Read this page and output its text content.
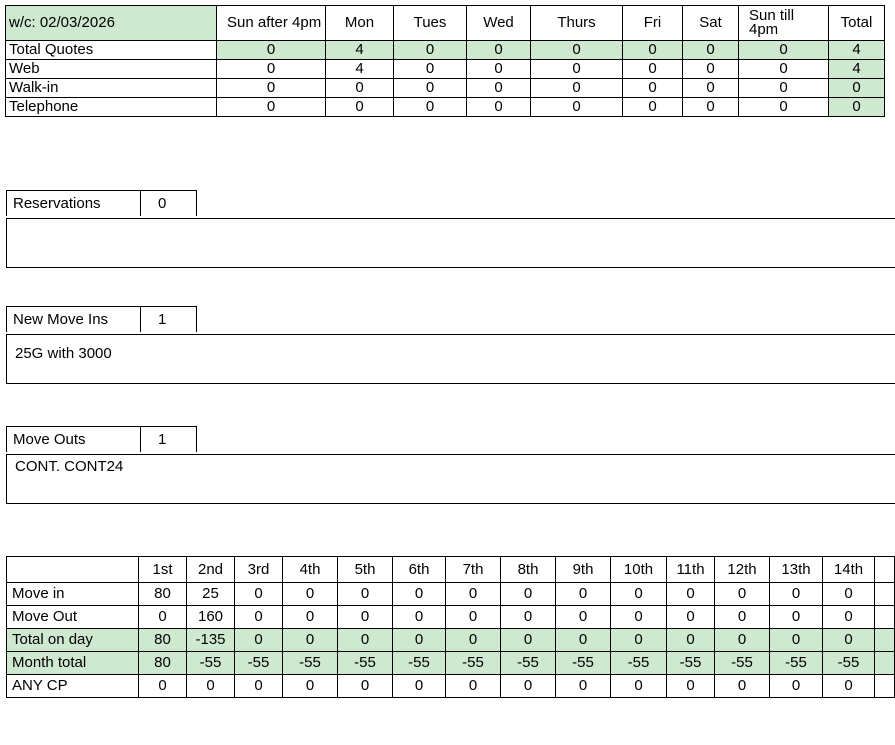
w/c: 02/03/2026	Sun after 4pm	Mon	Tues	Wed	Thurs	Fri	Sat	Sun till 4pm	Total
Total Quotes	0	4	0	0	0	0	0	0	4
Web	0	4	0	0	0	0	0	0	4
Walk-in	0	0	0	0	0	0	0	0	0
Telephone	0	0	0	0	0	0	0	0	0
Reservations	0
New Move Ins	1
25G with 3000
Move Outs	1
CONT. CONT24
	1st	2nd	3rd	4th	5th	6th	7th	8th	9th	10th	11th	12th	13th	14th	
Move in	80	25	0	0	0	0	0	0	0	0	0	0	0	0	
Move Out	0	160	0	0	0	0	0	0	0	0	0	0	0	0	
Total on day	80	-135	0	0	0	0	0	0	0	0	0	0	0	0	
Month total	80	-55	-55	-55	-55	-55	-55	-55	-55	-55	-55	-55	-55	-55	
ANY CP	0	0	0	0	0	0	0	0	0	0	0	0	0	0	
